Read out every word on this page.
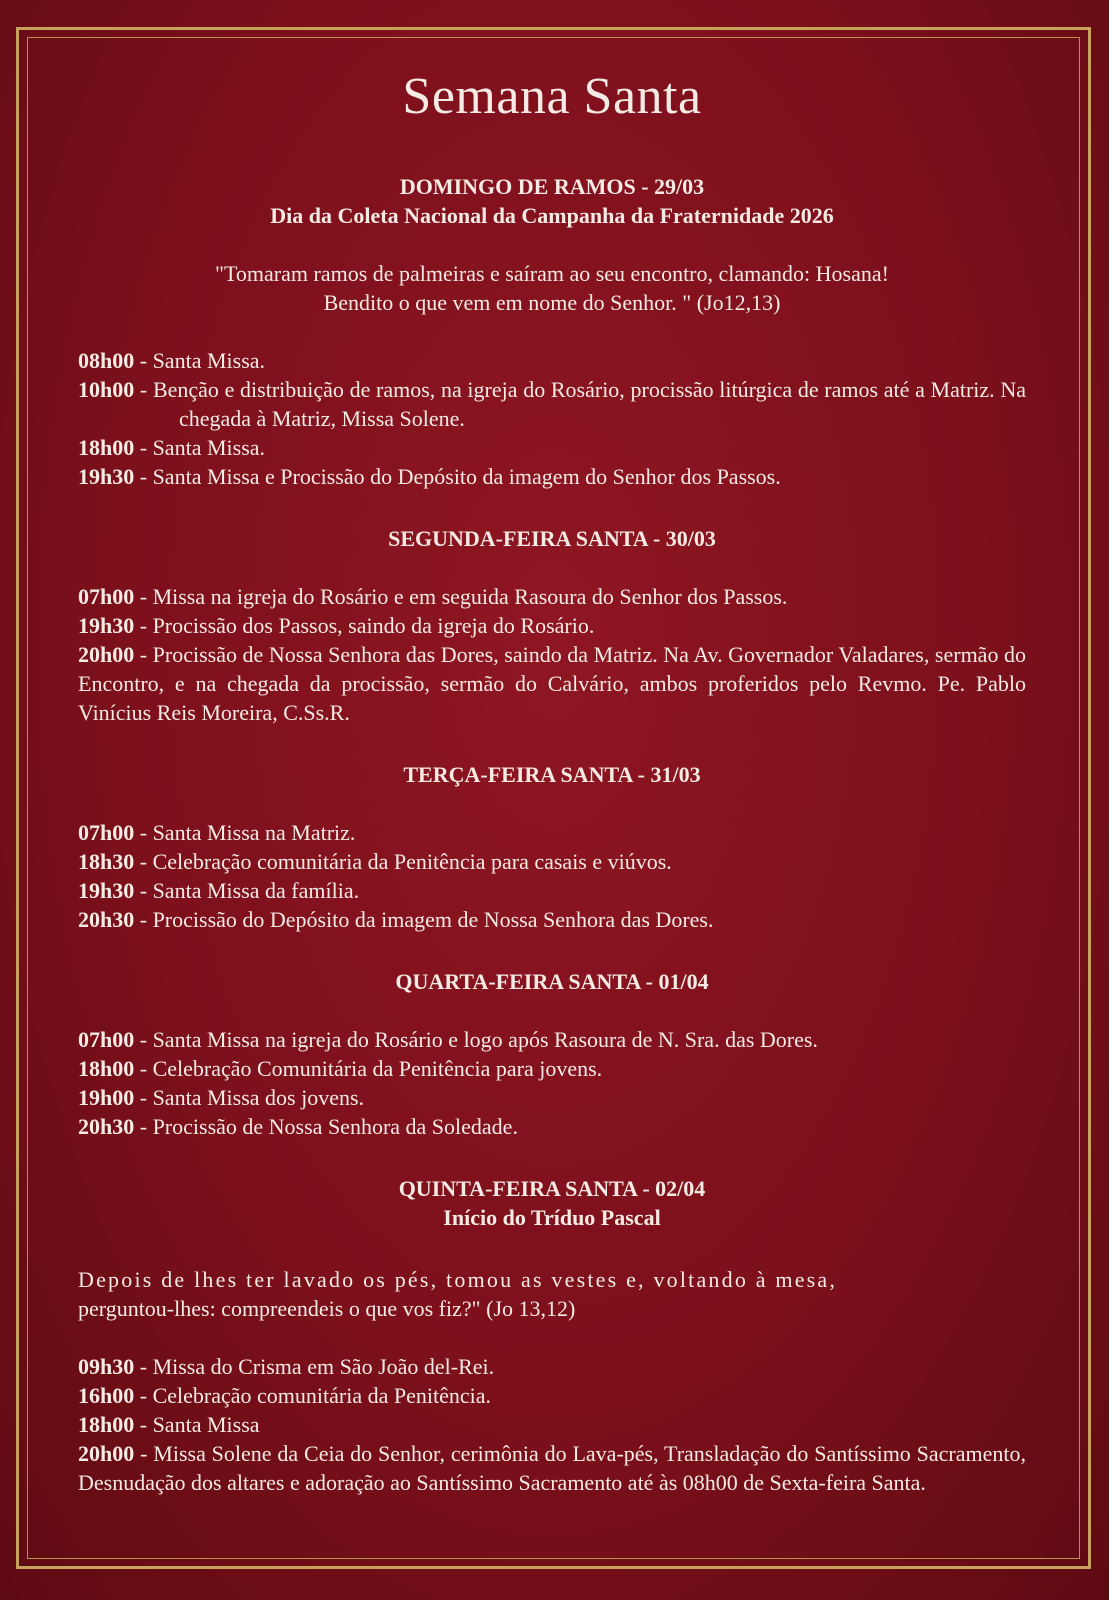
Semana Santa
DOMINGO DE RAMOS - 29/03
Dia da Coleta Nacional da Campanha da Fraternidade 2026
"Tomaram ramos de palmeiras e saíram ao seu encontro, clamando: Hosana!
Bendito o que vem em nome do Senhor. " (Jo12,13)
08h00 - Santa Missa.
10h00 - Benção e distribuição de ramos, na igreja do Rosário, procissão litúrgica de ramos até a Matriz. Na chegada à Matriz, Missa Solene.
18h00 - Santa Missa.
19h30 - Santa Missa e Procissão do Depósito da imagem do Senhor dos Passos.
SEGUNDA-FEIRA SANTA - 30/03
07h00 - Missa na igreja do Rosário e em seguida Rasoura do Senhor dos Passos.
19h30 - Procissão dos Passos, saindo da igreja do Rosário.
20h00 - Procissão de Nossa Senhora das Dores, saindo da Matriz. Na Av. Governador Valadares, sermão do Encontro, e na chegada da procissão, sermão do Calvário, ambos proferidos pelo Revmo. Pe. Pablo Vinícius Reis Moreira, C.Ss.R.
TERÇA-FEIRA SANTA - 31/03
07h00 - Santa Missa na Matriz.
18h30 - Celebração comunitária da Penitência para casais e viúvos.
19h30 - Santa Missa da família.
20h30 - Procissão do Depósito da imagem de Nossa Senhora das Dores.
QUARTA-FEIRA SANTA - 01/04
07h00 - Santa Missa na igreja do Rosário e logo após Rasoura de N. Sra. das Dores.
18h00 - Celebração Comunitária da Penitência para jovens.
19h00 - Santa Missa dos jovens.
20h30 - Procissão de Nossa Senhora da Soledade.
QUINTA-FEIRA SANTA - 02/04
Início do Tríduo Pascal
Depois de lhes ter lavado os pés, tomou as vestes e, voltando à mesa,
perguntou-lhes: compreendeis o que vos fiz?" (Jo 13,12)
09h30 - Missa do Crisma em São João del-Rei.
16h00 - Celebração comunitária da Penitência.
18h00 - Santa Missa
20h00 - Missa Solene da Ceia do Senhor, cerimônia do Lava-pés, Transladação do Santíssimo Sacramento, Desnudação dos altares e adoração ao Santíssimo Sacramento até às 08h00 de Sexta-feira Santa.
